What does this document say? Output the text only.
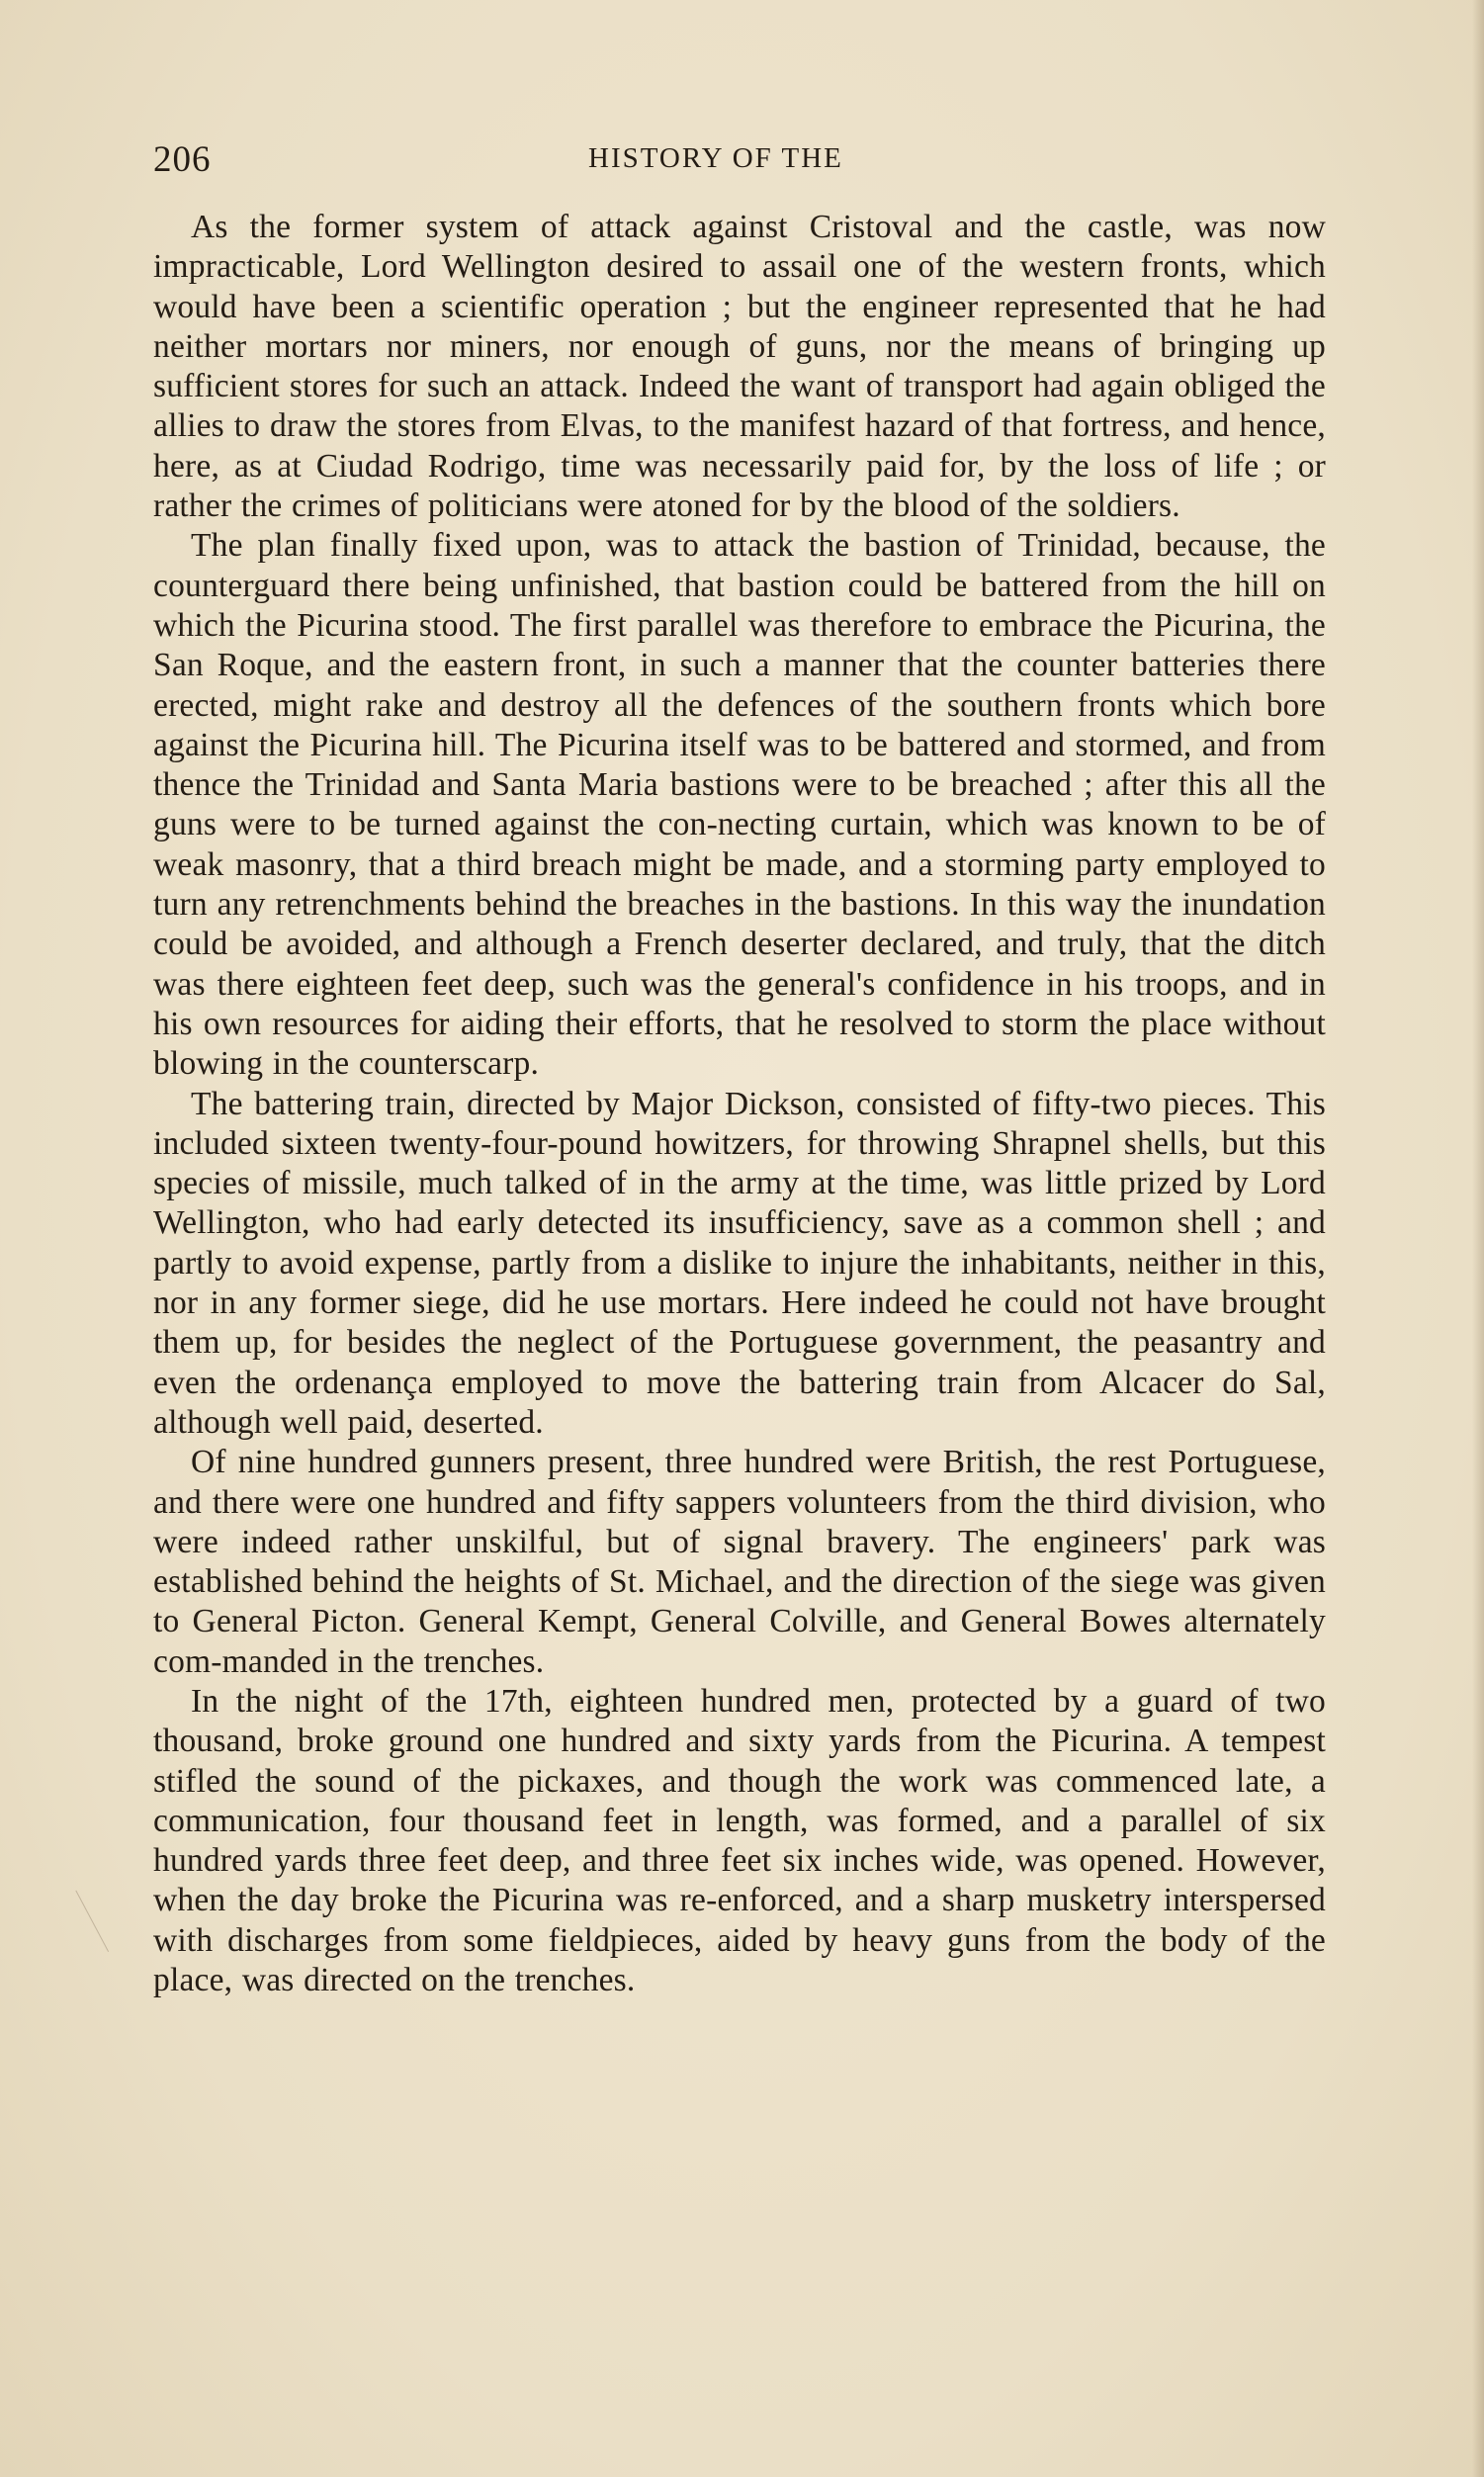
206	HISTORY OF THE

As the former system of attack against Cristoval and the castle, was now impracticable, Lord Wellington desired to assail one of the western fronts, which would have been a scientific operation ; but the engineer represented that he had neither mortars nor miners, nor enough of guns, nor the means of bringing up sufficient stores for such an attack. Indeed the want of transport had again obliged the allies to draw the stores from Elvas, to the manifest hazard of that fortress, and hence, here, as at Ciudad Rodrigo, time was necessarily paid for, by the loss of life ; or rather the crimes of politicians were atoned for by the blood of the soldiers.

The plan finally fixed upon, was to attack the bastion of Trinidad, because, the counterguard there being unfinished, that bastion could be battered from the hill on which the Picurina stood. The first parallel was therefore to embrace the Picurina, the San Roque, and the eastern front, in such a manner that the counter batteries there erected, might rake and destroy all the defences of the southern fronts which bore against the Picurina hill. The Picurina itself was to be battered and stormed, and from thence the Trinidad and Santa Maria bastions were to be breached ; after this all the guns were to be turned against the con-necting curtain, which was known to be of weak masonry, that a third breach might be made, and a storming party employed to turn any retrenchments behind the breaches in the bastions. In this way the inundation could be avoided, and although a French deserter declared, and truly, that the ditch was there eighteen feet deep, such was the general's confidence in his troops, and in his own resources for aiding their efforts, that he resolved to storm the place without blowing in the counterscarp.

The battering train, directed by Major Dickson, consisted of fifty-two pieces. This included sixteen twenty-four-pound howitzers, for throwing Shrapnel shells, but this species of missile, much talked of in the army at the time, was little prized by Lord Wellington, who had early detected its insufficiency, save as a common shell ; and partly to avoid expense, partly from a dislike to injure the inhabitants, neither in this, nor in any former siege, did he use mortars. Here indeed he could not have brought them up, for besides the neglect of the Portuguese government, the peasantry and even the ordenança employed to move the battering train from Alcacer do Sal, although well paid, deserted.

Of nine hundred gunners present, three hundred were British, the rest Portuguese, and there were one hundred and fifty sappers volunteers from the third division, who were indeed rather unskilful, but of signal bravery. The engineers' park was established behind the heights of St. Michael, and the direction of the siege was given to General Picton. General Kempt, General Colville, and General Bowes alternately com-manded in the trenches.

In the night of the 17th, eighteen hundred men, protected by a guard of two thousand, broke ground one hundred and sixty yards from the Picurina. A tempest stifled the sound of the pickaxes, and though the work was commenced late, a communication, four thousand feet in length, was formed, and a parallel of six hundred yards three feet deep, and three feet six inches wide, was opened. However, when the day broke the Picurina was re-enforced, and a sharp musketry interspersed with discharges from some fieldpieces, aided by heavy guns from the body of the place, was directed on the trenches.
